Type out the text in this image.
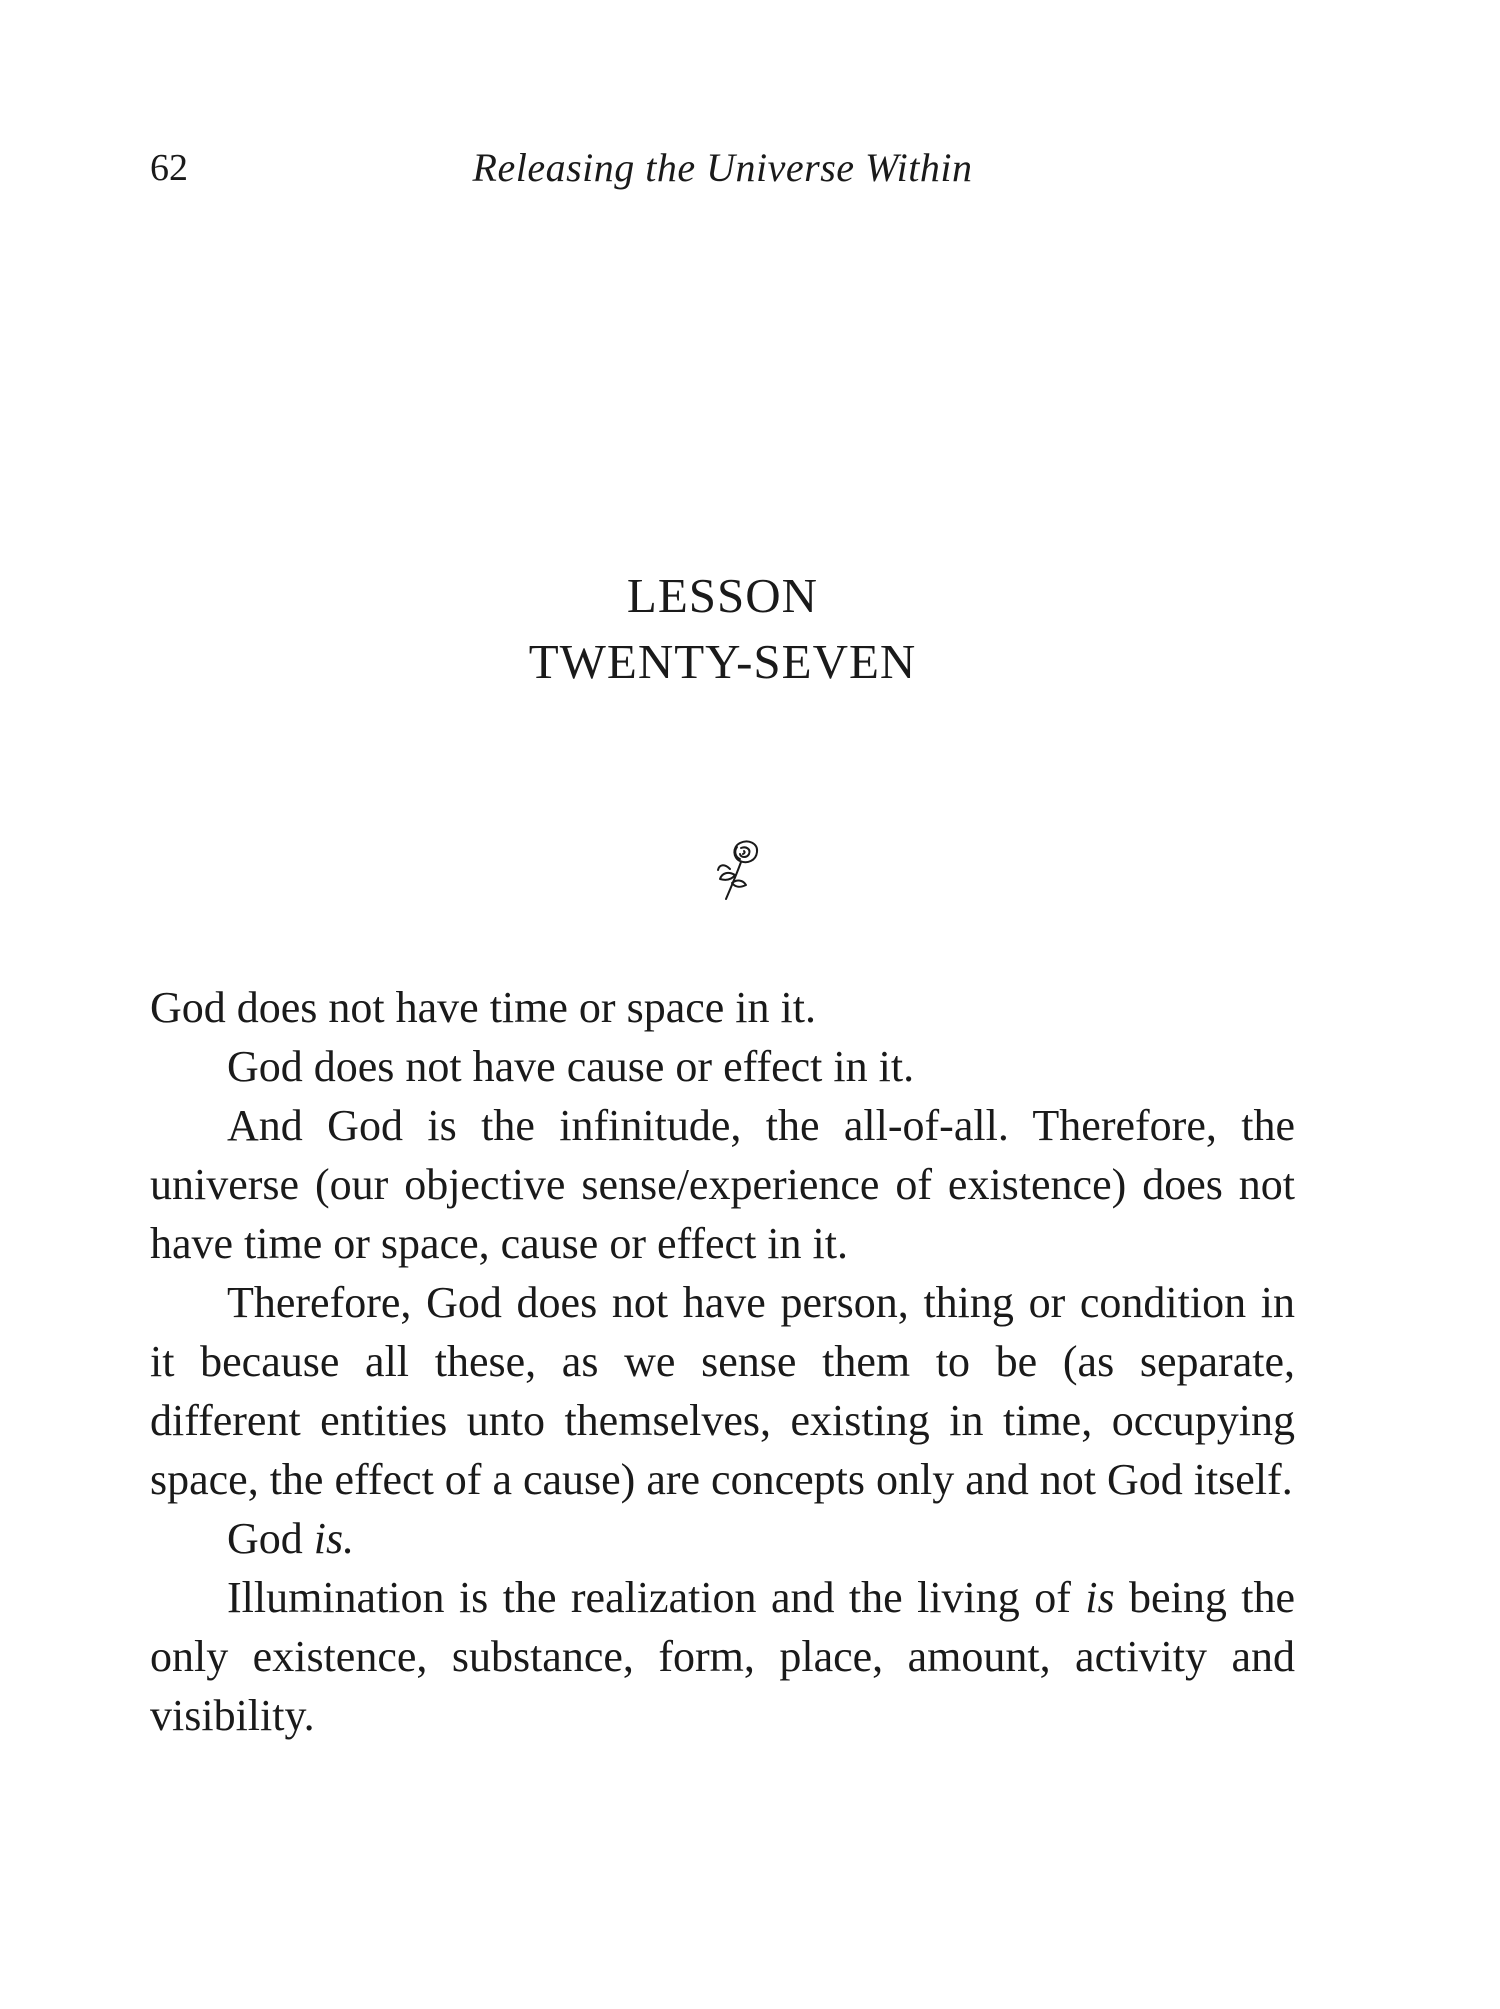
62	Releasing the Universe Within
LESSON
TWENTY-SEVEN

God does not have time or space in it.

God does not have cause or effect in it.

And God is the infinitude, the all-of-all. Therefore, the universe (our objective sense/experience of existence) does not have time or space, cause or effect in it.

Therefore, God does not have person, thing or condition in it because all these, as we sense them to be (as separate, different entities unto themselves, existing in time, occupying space, the effect of a cause) are concepts only and not God itself.

God is.

Illumination is the realization and the living of is being the only existence, substance, form, place, amount, activity and visibility.
